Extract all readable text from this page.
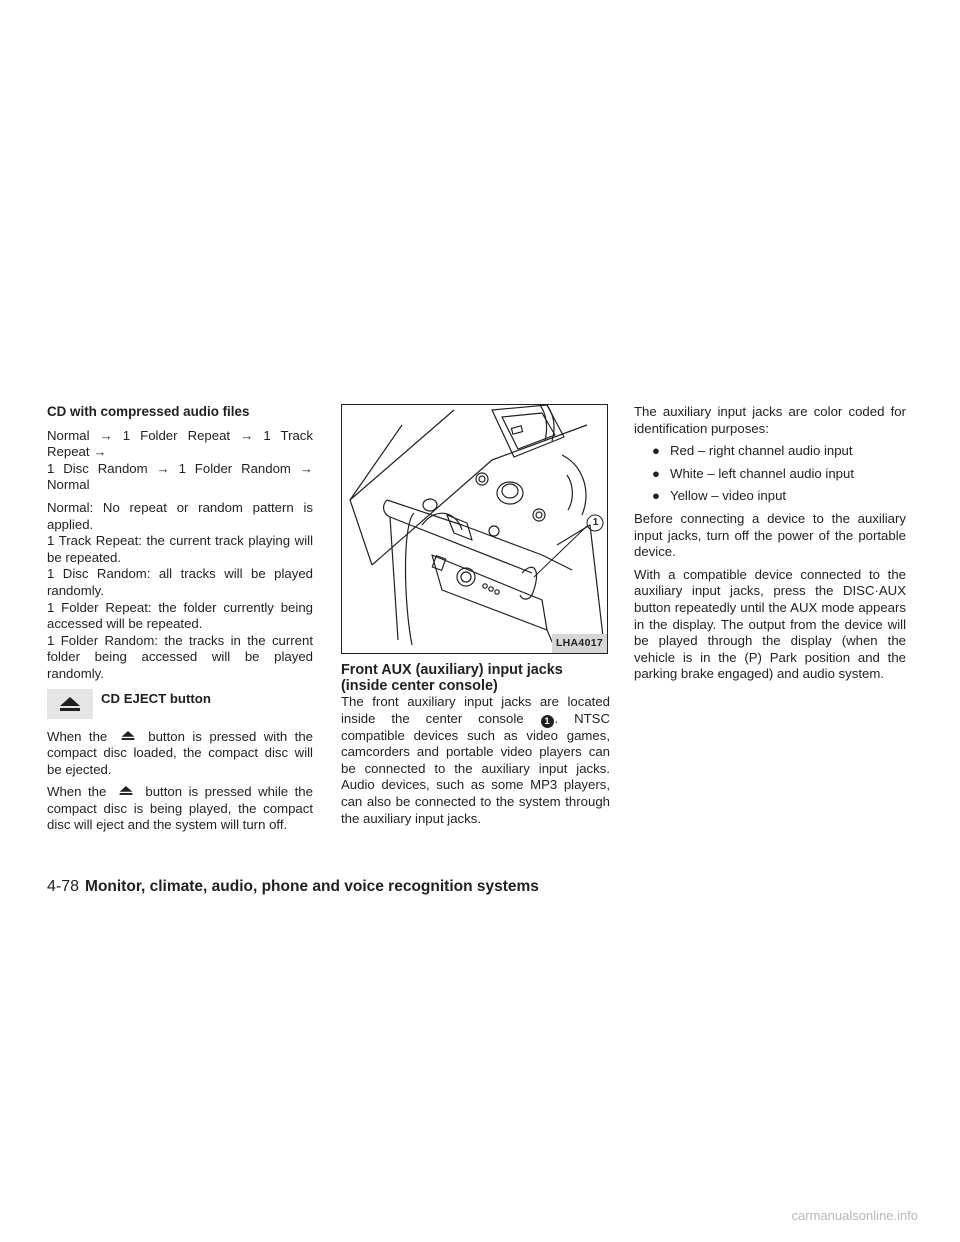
CD with compressed audio files
Normal → 1 Folder Repeat → 1 Track Repeat →
1 Disc Random → 1 Folder Random → Normal
Normal: No repeat or random pattern is applied.
1 Track Repeat: the current track playing will be repeated.
1 Disc Random: all tracks will be played randomly.
1 Folder Repeat: the folder currently being accessed will be repeated.
1 Folder Random: the tracks in the current folder being accessed will be played randomly.
CD EJECT button

When the	button is pressed with the compact disc loaded, the compact disc will be ejected.

When the	button is pressed while the compact disc is being played, the compact disc will eject and the system will turn off.

1
LHA4017
Front AUX (auxiliary) input jacks (inside center console)

The front auxiliary input jacks are located inside the center console 1 . NTSC compatible devices such as video games, camcorders and portable video players can be connected to the auxiliary input jacks. Audio devices, such as some MP3 players, can also be connected to the system through the auxiliary input jacks.

The auxiliary input jacks are color coded for identification purposes:

● Red – right channel audio input
● White – left channel audio input
● Yellow – video input

Before connecting a device to the auxiliary input jacks, turn off the power of the portable device.

With a compatible device connected to the auxiliary input jacks, press the DISC·AUX button repeatedly until the AUX mode appears in the display. The output from the device will be played through the display (when the vehicle is in the (P) Park position and the parking brake engaged) and audio system.

4-78 Monitor, climate, audio, phone and voice recognition systems
carmanualsonline.info
